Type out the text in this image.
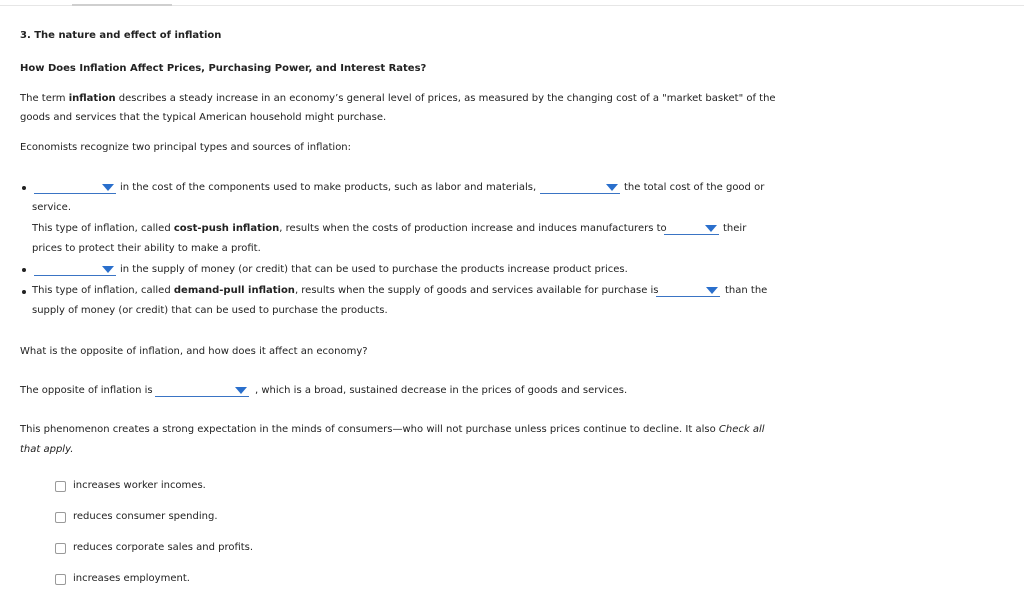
3. The nature and effect of inflation
How Does Inflation Affect Prices, Purchasing Power, and Interest Rates?
The term inflation describes a steady increase in an economy’s general level of prices, as measured by the changing cost of a "market basket" of the
goods and services that the typical American household might purchase.
Economists recognize two principal types and sources of inflation:
in the cost of the components used to make products, such as labor and materials,	the total cost of the good or
service.
This type of inflation, called cost-push inflation, results when the costs of production increase and induces manufacturers to	their
prices to protect their ability to make a profit.
in the supply of money (or credit) that can be used to purchase the products increase product prices.
This type of inflation, called demand-pull inflation, results when the supply of goods and services available for purchase is	than the
supply of money (or credit) that can be used to purchase the products.
What is the opposite of inflation, and how does it affect an economy?
The opposite of inflation is	, which is a broad, sustained decrease in the prices of goods and services.
This phenomenon creates a strong expectation in the minds of consumers—who will not purchase unless prices continue to decline. It also Check all
that apply.
increases worker incomes.
reduces consumer spending.
reduces corporate sales and profits.
increases employment.
